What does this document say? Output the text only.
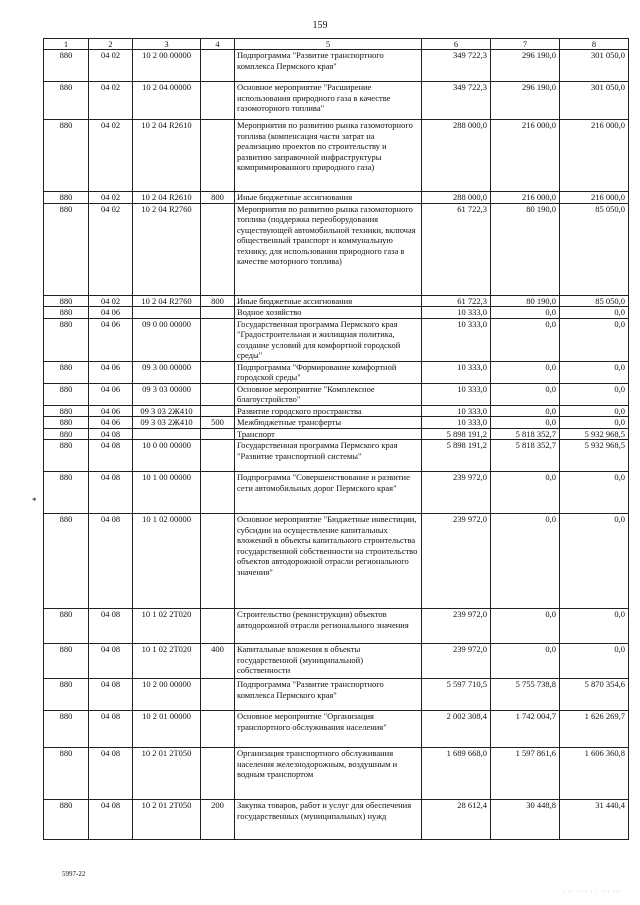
159
1	2	3	4	5	6	7	8
880	04 02	10 2 00 00000		Подпрограмма "Развитие транспортного комплекса Пермского края"	349 722,3	296 190,0	301 050,0
880	04 02	10 2 04 00000		Основное мероприятие "Расширение использования природного газа в качестве газомоторного топлива"	349 722,3	296 190,0	301 050,0
880	04 02	10 2 04 R2610		Мероприятия по развитию рынка газомоторного топлива (компенсация части затрат на реализацию проектов по строительству и развитию заправочной инфраструктуры компримированного природного газа)	288 000,0	216 000,0	216 000,0
880	04 02	10 2 04 R2610	800	Иные бюджетные ассигнования	288 000,0	216 000,0	216 000,0
880	04 02	10 2 04 R2760		Мероприятия по развитию рынка газомоторного топлива (поддержка переоборудования существующей автомобильной техники, включая общественный транспорт и коммунальную технику, для использования природного газа в качестве моторного топлива)	61 722,3	80 190,0	85 050,0
880	04 02	10 2 04 R2760	800	Иные бюджетные ассигнования	61 722,3	80 190,0	85 050,0
880	04 06			Водное хозяйство	10 333,0	0,0	0,0
880	04 06	09 0 00 00000		Государственная программа Пермского края "Градостроительная и жилищная политика, создание условий для комфортной городской среды"	10 333,0	0,0	0,0
880	04 06	09 3 00 00000		Подпрограмма "Формирование комфортной городской среды"	10 333,0	0,0	0,0
880	04 06	09 3 03 00000		Основное мероприятие "Комплексное благоустройство"	10 333,0	0,0	0,0
880	04 06	09 3 03 2Ж410		Развитие городского пространства	10 333,0	0,0	0,0
880	04 06	09 3 03 2Ж410	500	Межбюджетные трансферты	10 333,0	0,0	0,0
880	04 08			Транспорт	5 898 191,2	5 818 352,7	5 932 968,5
880	04 08	10 0 00 00000		Государственная программа Пермского края "Развитие транспортной системы"	5 898 191,2	5 818 352,7	5 932 968,5
880	04 08	10 1 00 00000		Подпрограмма "Совершенствование и развитие сети автомобильных дорог Пермского края"	239 972,0	0,0	0,0
880	04 08	10 1 02 00000		Основное мероприятие "Бюджетные инвестиции, субсидии на осуществление капитальных вложений в объекты капитального строительства государственной собственности на строительство объектов автодорожной отрасли регионального значения"	239 972,0	0,0	0,0
880	04 08	10 1 02 2Т020		Строительство (реконструкция) объектов автодорожной отрасли регионального значения	239 972,0	0,0	0,0
880	04 08	10 1 02 2Т020	400	Капитальные вложения в объекты государственной (муниципальной) собственности	239 972,0	0,0	0,0
880	04 08	10 2 00 00000		Подпрограмма "Развитие транспортного комплекса Пермского края"	5 597 710,5	5 755 738,8	5 870 354,6
880	04 08	10 2 01 00000		Основное мероприятие "Организация транспортного обслуживания населения"	2 002 308,4	1 742 004,7	1 626 269,7
880	04 08	10 2 01 2Т050		Организация транспортного обслуживания населения железнодорожным, воздушным и водным транспортом	1 689 668,0	1 597 861,6	1 606 360,8
880	04 08	10 2 01 2Т050	200	Закупка товаров, работ и услуг для обеспечения государственных (муниципальных) нужд	28 612,4	30 448,8	31 440,4
*
5997-22
· ·· ·· · · · ··· ···
